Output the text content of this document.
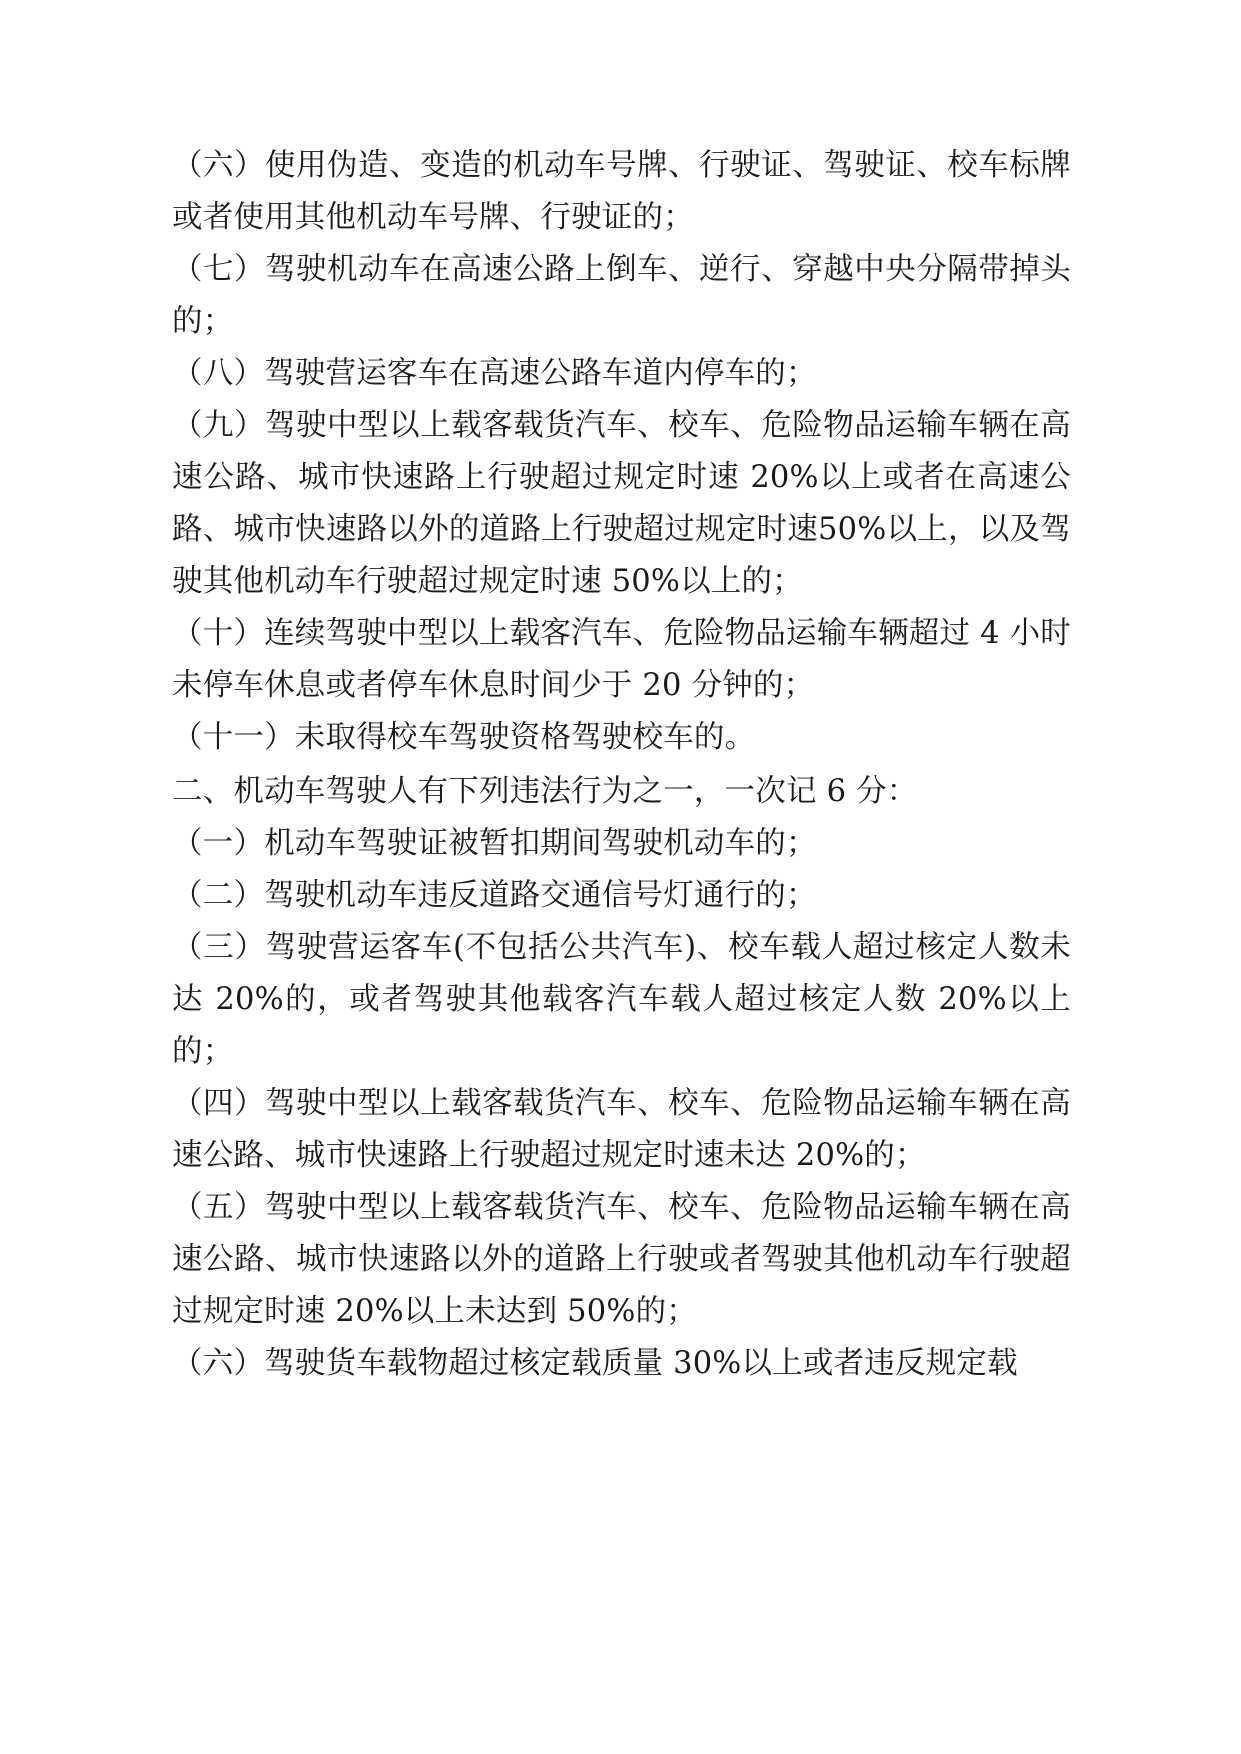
（六）使用伪造、变造的机动车号牌、行驶证、驾驶证、校车标牌或者使用其他机动车号牌、行驶证的；

（七）驾驶机动车在高速公路上倒车、逆行、穿越中央分隔带掉头的；

（八）驾驶营运客车在高速公路车道内停车的；

（九）驾驶中型以上载客载货汽车、校车、危险物品运输车辆在高速公路、城市快速路上行驶超过规定时速 20%以上或者在高速公路、城市快速路以外的道路上行驶超过规定时速50%以上，以及驾驶其他机动车行驶超过规定时速 50%以上的；

（十）连续驾驶中型以上载客汽车、危险物品运输车辆超过 4 小时未停车休息或者停车休息时间少于 20 分钟的；

（十一）未取得校车驾驶资格驾驶校车的。

二、机动车驾驶人有下列违法行为之一，一次记 6 分：

（一）机动车驾驶证被暂扣期间驾驶机动车的；

（二）驾驶机动车违反道路交通信号灯通行的；

（三）驾驶营运客车(不包括公共汽车)、校车载人超过核定人数未达 20%的，或者驾驶其他载客汽车载人超过核定人数 20%以上的；

（四）驾驶中型以上载客载货汽车、校车、危险物品运输车辆在高速公路、城市快速路上行驶超过规定时速未达 20%的；

（五）驾驶中型以上载客载货汽车、校车、危险物品运输车辆在高速公路、城市快速路以外的道路上行驶或者驾驶其他机动车行驶超过规定时速 20%以上未达到 50%的；

（六）驾驶货车载物超过核定载质量 30%以上或者违反规定载
